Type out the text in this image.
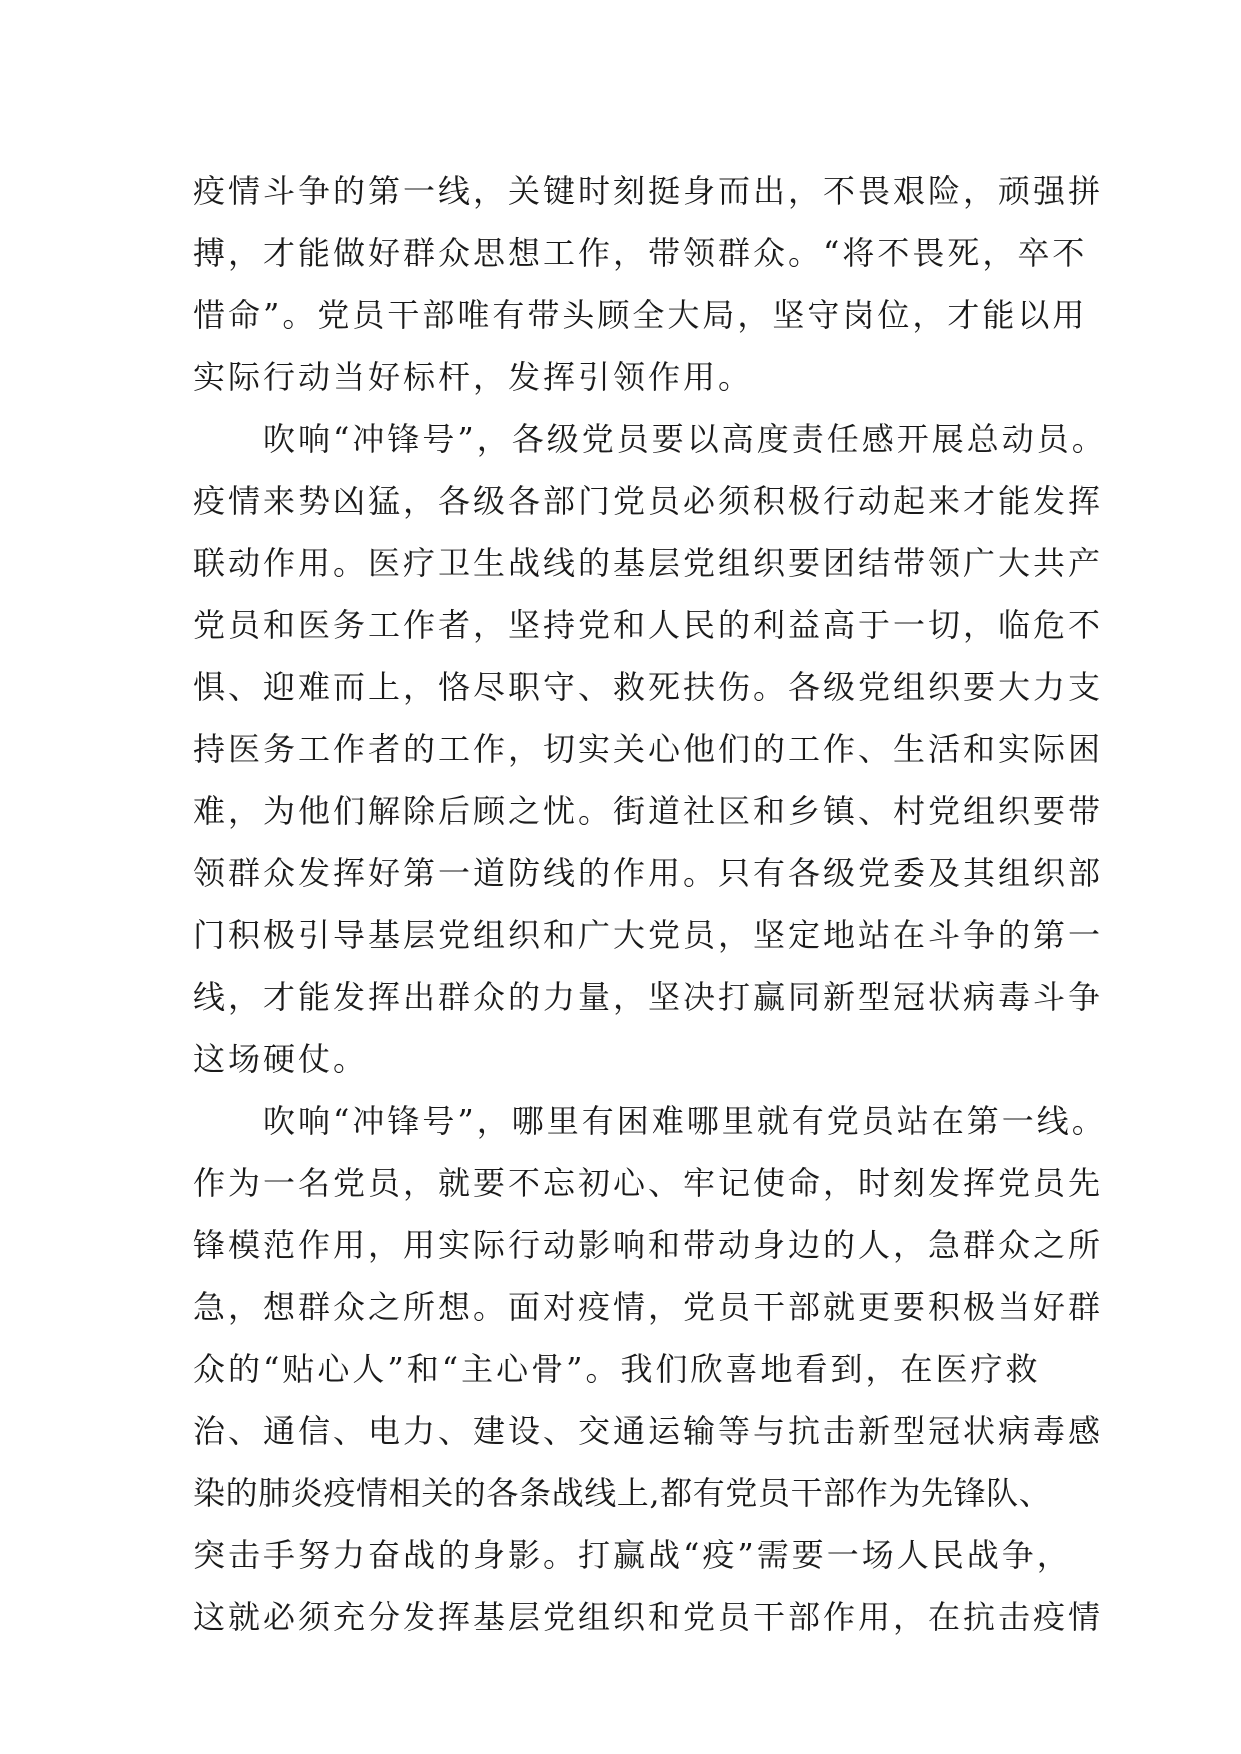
疫情斗争的第一线，关键时刻挺身而出，不畏艰险，顽强拼
搏，才能做好群众思想工作，带领群众。“将不畏死，卒不
惜命”。党员干部唯有带头顾全大局，坚守岗位，才能以用
实际行动当好标杆，发挥引领作用。
吹响“冲锋号”，各级党员要以高度责任感开展总动员。
疫情来势凶猛，各级各部门党员必须积极行动起来才能发挥
联动作用。医疗卫生战线的基层党组织要团结带领广大共产
党员和医务工作者，坚持党和人民的利益高于一切，临危不
惧、迎难而上，恪尽职守、救死扶伤。各级党组织要大力支
持医务工作者的工作，切实关心他们的工作、生活和实际困
难，为他们解除后顾之忧。街道社区和乡镇、村党组织要带
领群众发挥好第一道防线的作用。只有各级党委及其组织部
门积极引导基层党组织和广大党员，坚定地站在斗争的第一
线，才能发挥出群众的力量，坚决打赢同新型冠状病毒斗争
这场硬仗。
吹响“冲锋号”，哪里有困难哪里就有党员站在第一线。
作为一名党员，就要不忘初心、牢记使命，时刻发挥党员先
锋模范作用，用实际行动影响和带动身边的人，急群众之所
急，想群众之所想。面对疫情，党员干部就更要积极当好群
众的“贴心人”和“主心骨”。我们欣喜地看到，在医疗救
治、通信、电力、建设、交通运输等与抗击新型冠状病毒感
染的肺炎疫情相关的各条战线上,都有党员干部作为先锋队、
突击手努力奋战的身影。打赢战“疫”需要一场人民战争，
这就必须充分发挥基层党组织和党员干部作用，在抗击疫情
